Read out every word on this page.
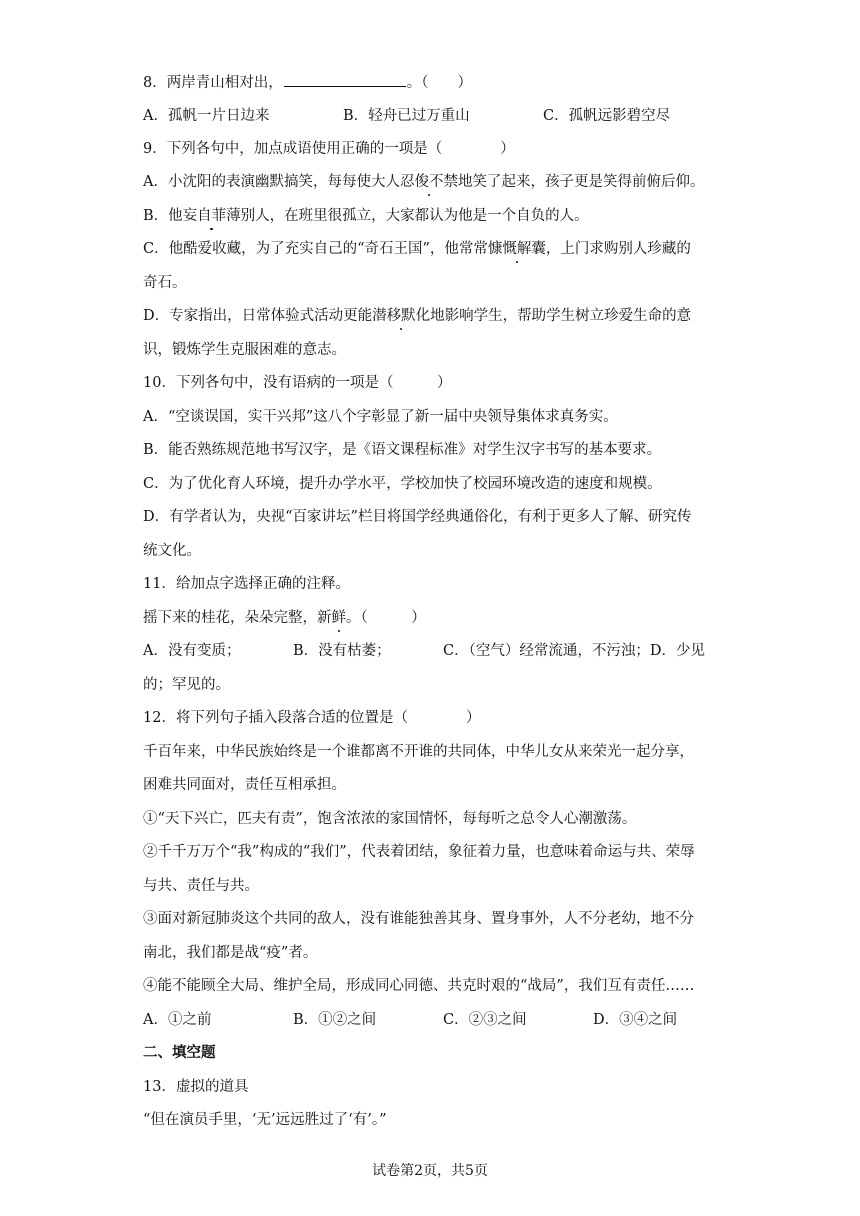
8．两岸青山相对出，	。（　　）
A．孤帆一片日边来	B．轻舟已过万重山	C．孤帆远影碧空尽
9．下列各句中，加点成语使用正确的一项是（　　　　）
A．小沈阳的表演幽默搞笑，每每使大人忍俊不禁地笑了起来，孩子更是笑得前俯后仰。
B．他妄自菲薄别人，在班里很孤立，大家都认为他是一个自负的人。
C．他酷爱收藏，为了充实自己的“奇石王国”，他常常慷慨解囊，上门求购别人珍藏的
奇石。
D．专家指出，日常体验式活动更能潜移默化地影响学生，帮助学生树立珍爱生命的意
识，锻炼学生克服困难的意志。
10．下列各句中，没有语病的一项是（　　　）
A．“空谈误国，实干兴邦”这八个字彰显了新一届中央领导集体求真务实。
B．能否熟练规范地书写汉字，是《语文课程标准》对学生汉字书写的基本要求。
C．为了优化育人环境，提升办学水平，学校加快了校园环境改造的速度和规模。
D．有学者认为，央视“百家讲坛”栏目将国学经典通俗化，有利于更多人了解、研究传
统文化。
11．给加点字选择正确的注释。
摇下来的桂花，朵朵完整，新鲜。（　　　）
A．没有变质；	B．没有枯萎；	C．（空气）经常流通，不污浊；D．少见
的；罕见的。
12．将下列句子插入段落合适的位置是（　　　　）
千百年来，中华民族始终是一个谁都离不开谁的共同体，中华儿女从来荣光一起分享，
困难共同面对，责任互相承担。
①“天下兴亡，匹夫有责”，饱含浓浓的家国情怀，每每听之总令人心潮激荡。
②千千万万个“我”构成的“我们”，代表着团结，象征着力量，也意味着命运与共、荣辱
与共、责任与共。
③面对新冠肺炎这个共同的敌人，没有谁能独善其身、置身事外，人不分老幼，地不分
南北，我们都是战“疫”者。
④能不能顾全大局、维护全局，形成同心同德、共克时艰的“战局”，我们互有责任……
A．①之前	B．①②之间	C．②③之间	D．③④之间
二、填空题
13．虚拟的道具
“但在演员手里，‘无’远远胜过了‘有’。”
试卷第2页，共5页
